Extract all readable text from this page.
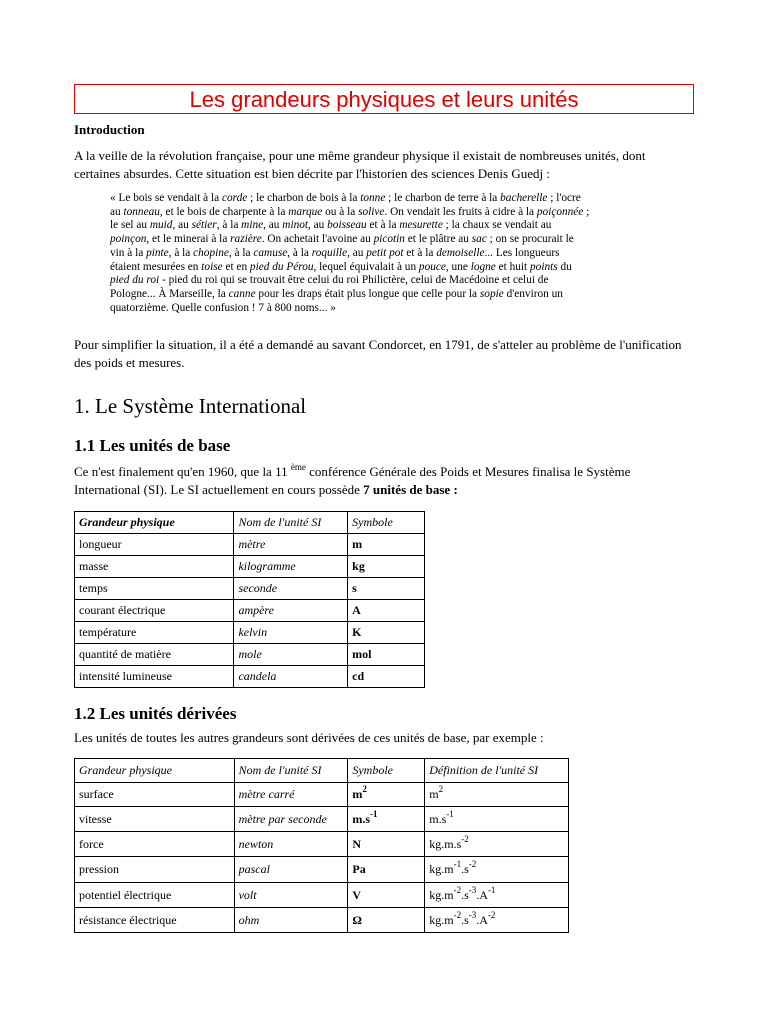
Les grandeurs physiques et leurs unités
Introduction
A la veille de la révolution française, pour une même grandeur physique il existait de nombreuses unités, dont certaines absurdes. Cette situation est bien décrite par l'historien des sciences Denis Guedj :
« Le bois se vendait à la corde ; le charbon de bois à la tonne ; le charbon de terre à la bacherelle ; l'ocre
au tonneau, et le bois de charpente à la marque ou à la solive. On vendait les fruits à cidre à la poiçonnée ;
le sel au muid, au sétier, à la mine, au minot, au boisseau et à la mesurette ; la chaux se vendait au
poinçon, et le minerai à la razière. On achetait l'avoine au picotin et le plâtre au sac ; on se procurait le
vin à la pinte, à la chopine, à la camuse, à la roquille, au petit pot et à la demoiselle... Les longueurs
étaient mesurées en toise et en pied du Pérou, lequel équivalait à un pouce, une logne et huit points du
pied du roi - pied du roi qui se trouvait être celui du roi Philictère, celui de Macédoine et celui de
Pologne... À Marseille, la canne pour les draps était plus longue que celle pour la sopie d'environ un
quatorzième. Quelle confusion ! 7 à 800 noms... »
Pour simplifier la situation, il a été a demandé au savant Condorcet, en 1791, de s'atteler au problème de l'unification des poids et mesures.
1. Le Système International
1.1 Les unités de base
Ce n'est finalement qu'en 1960, que la 11 $^{ème}$ conférence Générale des Poids et Mesures finalisa le Système International (SI). Le SI actuellement en cours possède 7 unités de base :
Grandeur physique	Nom de l'unité SI	Symbole
longueur	mètre	m
masse	kilogramme	kg
temps	seconde	s
courant électrique	ampère	A
température	kelvin	K
quantité de matière	mole	mol
intensité lumineuse	candela	cd
1.2 Les unités dérivées
Les unités de toutes les autres grandeurs sont dérivées de ces unités de base, par exemple :
Grandeur physique	Nom de l'unité SI	Symbole	Définition de l'unité SI
surface	mètre carré	$m^2$	$m^2$
vitesse	mètre par seconde	$m.s^{-1}$	$m.s^{-1}$
force	newton	N	$kg.m.s^{-2}$
pression	pascal	Pa	$kg.m^{-1}.s^{-2}$
potentiel électrique	volt	V	$kg.m^{-2}.s^{-3}.A^{-1}$
résistance électrique	ohm	Ω	$kg.m^{-2}.s^{-3}.A^{-2}$
